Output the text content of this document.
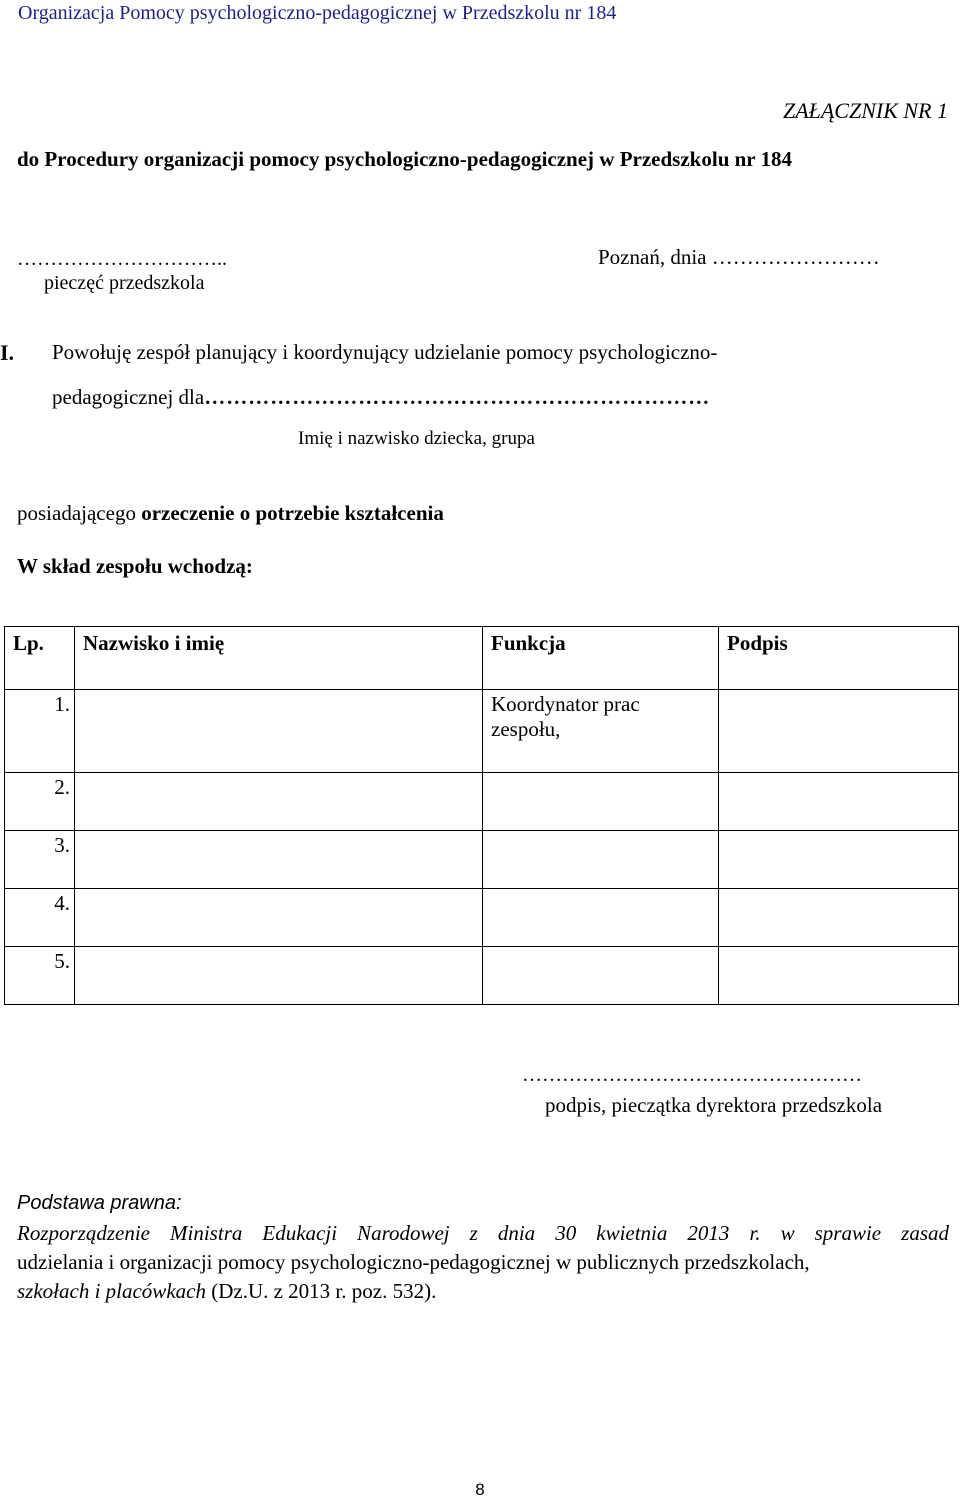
Organizacja Pomocy psychologiczno-pedagogicznej w Przedszkolu nr 184
ZAŁĄCZNIK NR 1
do Procedury organizacji pomocy psychologiczno-pedagogicznej w Przedszkolu nr 184
…………………………..
pieczęć przedszkola
Poznań, dnia ……………………
I. Powołuję zespół planujący i koordynujący udzielanie pomocy psychologiczno-
pedagogicznej dla……………………………………………………………
Imię i nazwisko dziecka, grupa
posiadającego orzeczenie o potrzebie kształcenia
W skład zespołu wchodzą:
Lp.	Nazwisko i imię	Funkcja	Podpis
1.		Koordynator prac zespołu,	
2.			
3.			
4.			
5.			
……………………………………………
podpis, pieczątka dyrektora przedszkola
Podstawa prawna:
Rozporządzenie Ministra Edukacji Narodowej z dnia 30 kwietnia 2013 r. w sprawie zasad
udzielania i organizacji pomocy psychologiczno-pedagogicznej w publicznych przedszkolach,
szkołach i placówkach (Dz.U. z 2013 r. poz. 532).
8
